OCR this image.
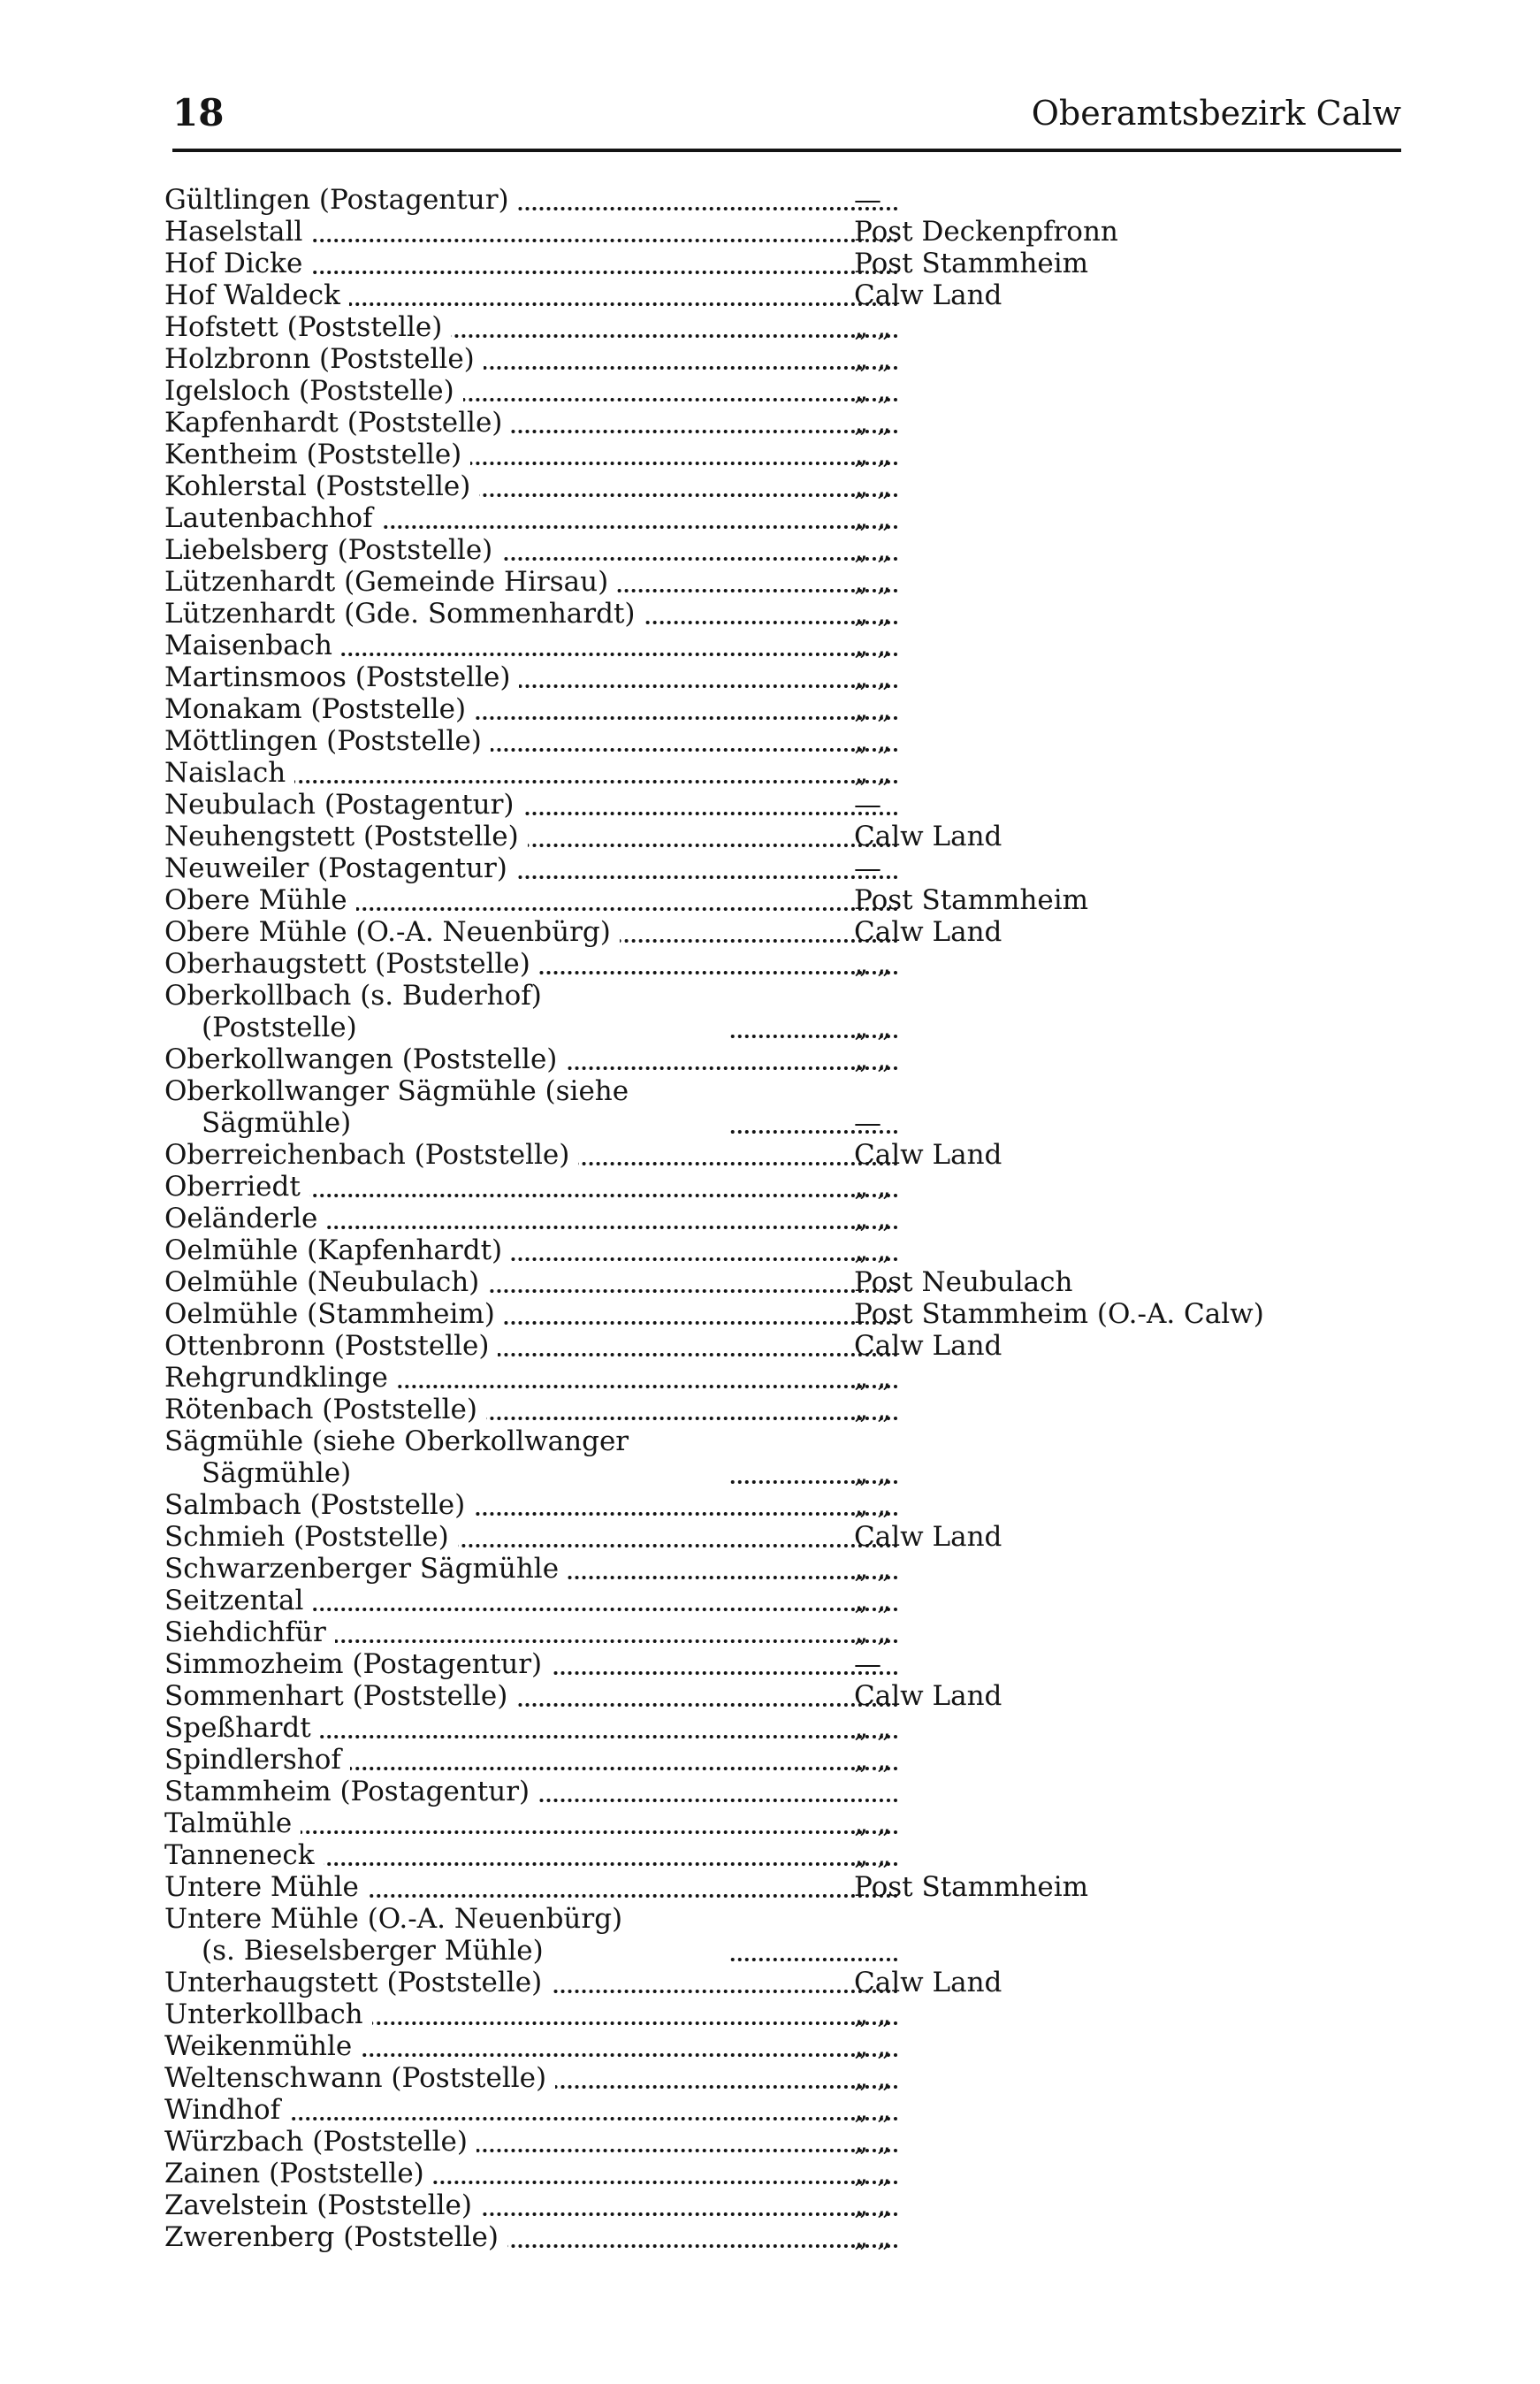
18	Oberamtsbezirk Calw
Gültlingen (Postagentur)	—
Haselstall	Post Deckenpfronn
Hof Dicke	Post Stammheim
Hof Waldeck	Calw Land
Hofstett (Poststelle)	„ „
Holzbronn (Poststelle)	„ „
Igelsloch (Poststelle)	„ „
Kapfenhardt (Poststelle)	„ „
Kentheim (Poststelle)	„ „
Kohlerstal (Poststelle)	„ „
Lautenbachhof	„ „
Liebelsberg (Poststelle)	„ „
Lützenhardt (Gemeinde Hirsau)	„ „
Lützenhardt (Gde. Sommenhardt)	„ „
Maisenbach	„ „
Martinsmoos (Poststelle)	„ „
Monakam (Poststelle)	„ „
Möttlingen (Poststelle)	„ „
Naislach	„ „
Neubulach (Postagentur)	—
Neuhengstett (Poststelle)	Calw Land
Neuweiler (Postagentur)	—
Obere Mühle	Post Stammheim
Obere Mühle (O.-A. Neuenbürg)	Calw Land
Oberhaugstett (Poststelle)	„ „
Oberkollbach (s. Buderhof)
(Poststelle)	„ „
Oberkollwangen (Poststelle)	„ „
Oberkollwanger Sägmühle (siehe
Sägmühle)	—
Oberreichenbach (Poststelle)	Calw Land
Oberriedt	„ „
Oeländerle	„ „
Oelmühle (Kapfenhardt)	„ „
Oelmühle (Neubulach)	Post Neubulach
Oelmühle (Stammheim)	Post Stammheim (O.-A. Calw)
Ottenbronn (Poststelle)	Calw Land
Rehgrundklinge	„ „
Rötenbach (Poststelle)	„ „
Sägmühle (siehe Oberkollwanger
Sägmühle)	„ „
Salmbach (Poststelle)	„ „
Schmieh (Poststelle)	Calw Land
Schwarzenberger Sägmühle	„ „
Seitzental	„ „
Siehdichfür	„ „
Simmozheim (Postagentur)	—
Sommenhart (Poststelle)	Calw Land
Speßhardt	„ „
Spindlershof	„ „
Stammheim (Postagentur)
Talmühle	„ „
Tanneneck	„ „
Untere Mühle	Post Stammheim
Untere Mühle (O.-A. Neuenbürg)
(s. Bieselsberger Mühle)
Unterhaugstett (Poststelle)	Calw Land
Unterkollbach	„ „
Weikenmühle	„ „
Weltenschwann (Poststelle)	„ „
Windhof	„ „
Würzbach (Poststelle)	„ „
Zainen (Poststelle)	„ „
Zavelstein (Poststelle)	„ „
Zwerenberg (Poststelle)	„ „
